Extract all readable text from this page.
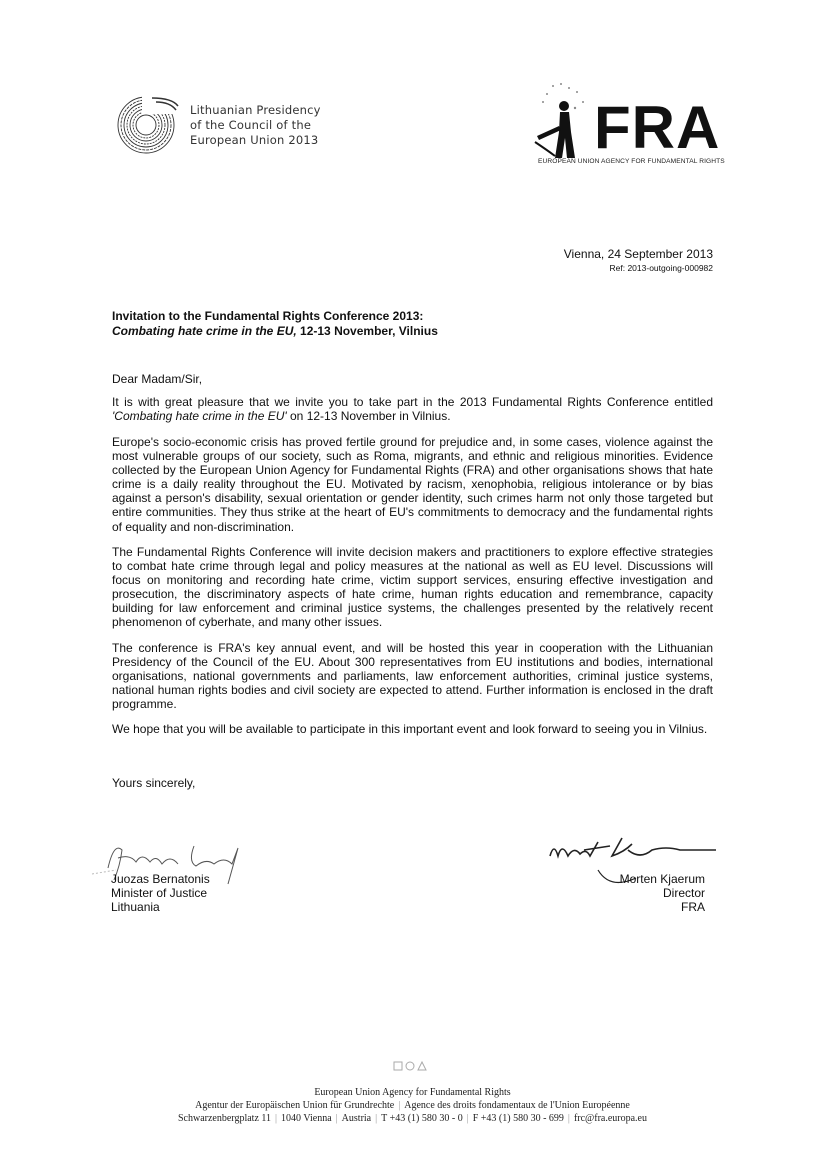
Lithuanian Presidency
of the Council of the
European Union 2013	FRA
EUROPEAN UNION AGENCY FOR FUNDAMENTAL RIGHTS
Vienna, 24 September 2013
Ref: 2013-outgoing-000982
Invitation to the Fundamental Rights Conference 2013:
Combating hate crime in the EU, 12-13 November, Vilnius

Dear Madam/Sir,

It is with great pleasure that we invite you to take part in the 2013 Fundamental Rights Conference entitled 'Combating hate crime in the EU' on 12-13 November in Vilnius.

Europe's socio-economic crisis has proved fertile ground for prejudice and, in some cases, violence against the most vulnerable groups of our society, such as Roma, migrants, and ethnic and religious minorities. Evidence collected by the European Union Agency for Fundamental Rights (FRA) and other organisations shows that hate crime is a daily reality throughout the EU. Motivated by racism, xenophobia, religious intolerance or by bias against a person's disability, sexual orientation or gender identity, such crimes harm not only those targeted but entire communities. They thus strike at the heart of EU's commitments to democracy and the fundamental rights of equality and non-discrimination.

The Fundamental Rights Conference will invite decision makers and practitioners to explore effective strategies to combat hate crime through legal and policy measures at the national as well as EU level. Discussions will focus on monitoring and recording hate crime, victim support services, ensuring effective investigation and prosecution, the discriminatory aspects of hate crime, human rights education and remembrance, capacity building for law enforcement and criminal justice systems, the challenges presented by the relatively recent phenomenon of cyberhate, and many other issues.

The conference is FRA's key annual event, and will be hosted this year in cooperation with the Lithuanian Presidency of the Council of the EU. About 300 representatives from EU institutions and bodies, international organisations, national governments and parliaments, law enforcement authorities, criminal justice systems, national human rights bodies and civil society are expected to attend. Further information is enclosed in the draft programme.

We hope that you will be available to participate in this important event and look forward to seeing you in Vilnius.

Yours sincerely,
Juozas Bernatonis
Minister of Justice
Lithuania
Morten Kjaerum
Director
FRA
European Union Agency for Fundamental Rights
Agentur der Europäischen Union für Grundrechte | Agence des droits fondamentaux de l'Union Européenne
Schwarzenbergplatz 11 | 1040 Vienna | Austria | T +43 (1) 580 30 - 0 | F +43 (1) 580 30 - 699 | frc@fra.europa.eu
